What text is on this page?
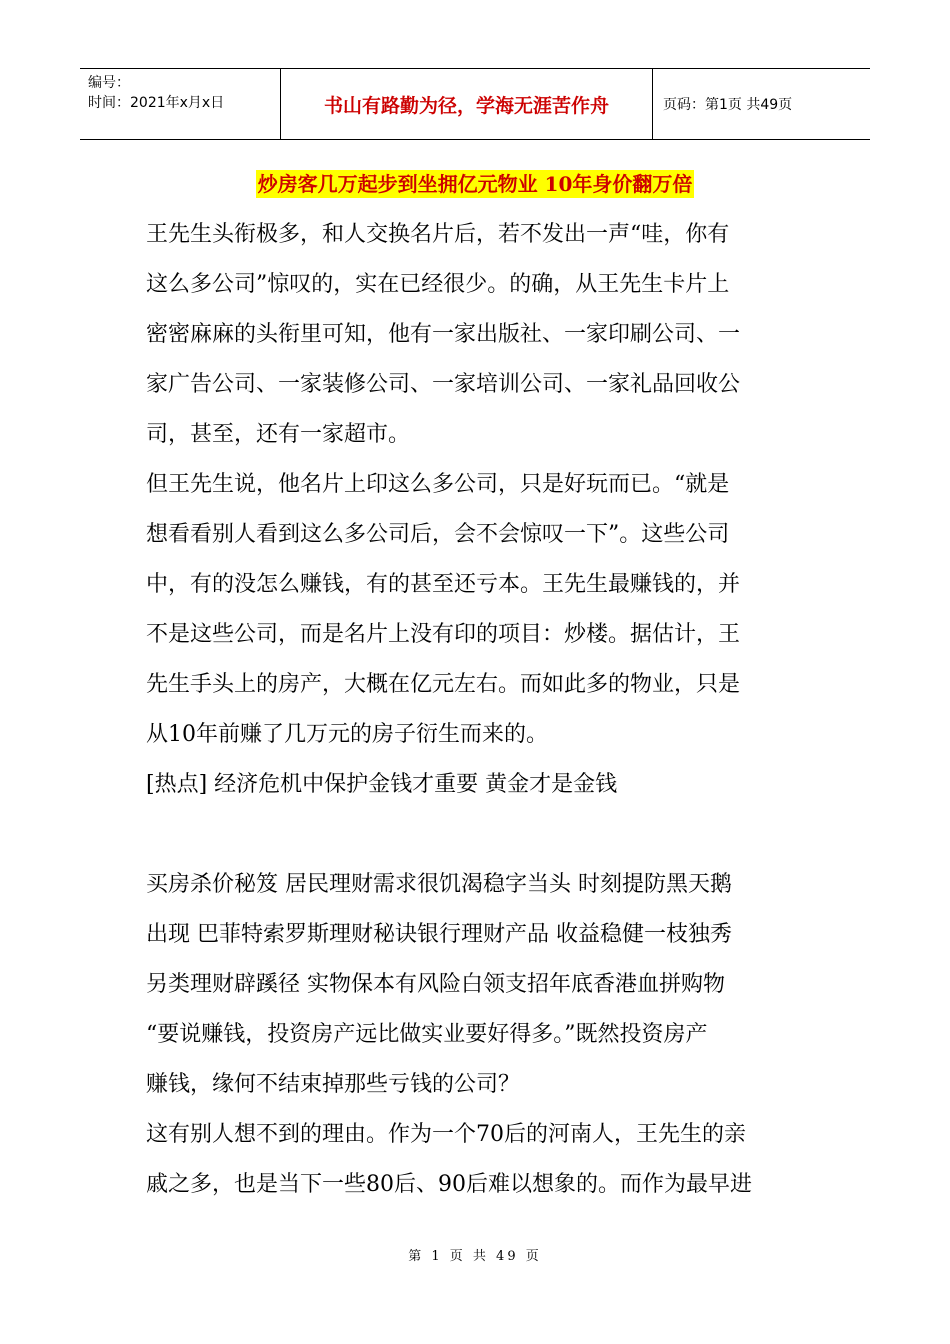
编号：
时间：2021年x月x日	书山有路勤为径，学海无涯苦作舟	页码：第1页 共49页
炒房客几万起步到坐拥亿元物业 10年身价翻万倍

王先生头衔极多，和人交换名片后，若不发出一声“哇，你有

这么多公司”惊叹的，实在已经很少。的确，从王先生卡片上

密密麻麻的头衔里可知，他有一家出版社、一家印刷公司、一

家广告公司、一家装修公司、一家培训公司、一家礼品回收公

司，甚至，还有一家超市。

但王先生说，他名片上印这么多公司，只是好玩而已。“就是

想看看别人看到这么多公司后，会不会惊叹一下”。这些公司

中，有的没怎么赚钱，有的甚至还亏本。王先生最赚钱的，并

不是这些公司，而是名片上没有印的项目：炒楼。据估计，王

先生手头上的房产，大概在亿元左右。而如此多的物业，只是

从10年前赚了几万元的房子衍生而来的。

[热点] 经济危机中保护金钱才重要 黄金才是金钱

买房杀价秘笈 居民理财需求很饥渴稳字当头 时刻提防黑天鹅

出现 巴菲特索罗斯理财秘诀银行理财产品 收益稳健一枝独秀

另类理财辟蹊径 实物保本有风险白领支招年底香港血拼购物

“要说赚钱，投资房产远比做实业要好得多。”既然投资房产

赚钱，缘何不结束掉那些亏钱的公司？

这有别人想不到的理由。作为一个70后的河南人，王先生的亲

戚之多，也是当下一些80后、90后难以想象的。而作为最早进

第 1 页 共 49 页
